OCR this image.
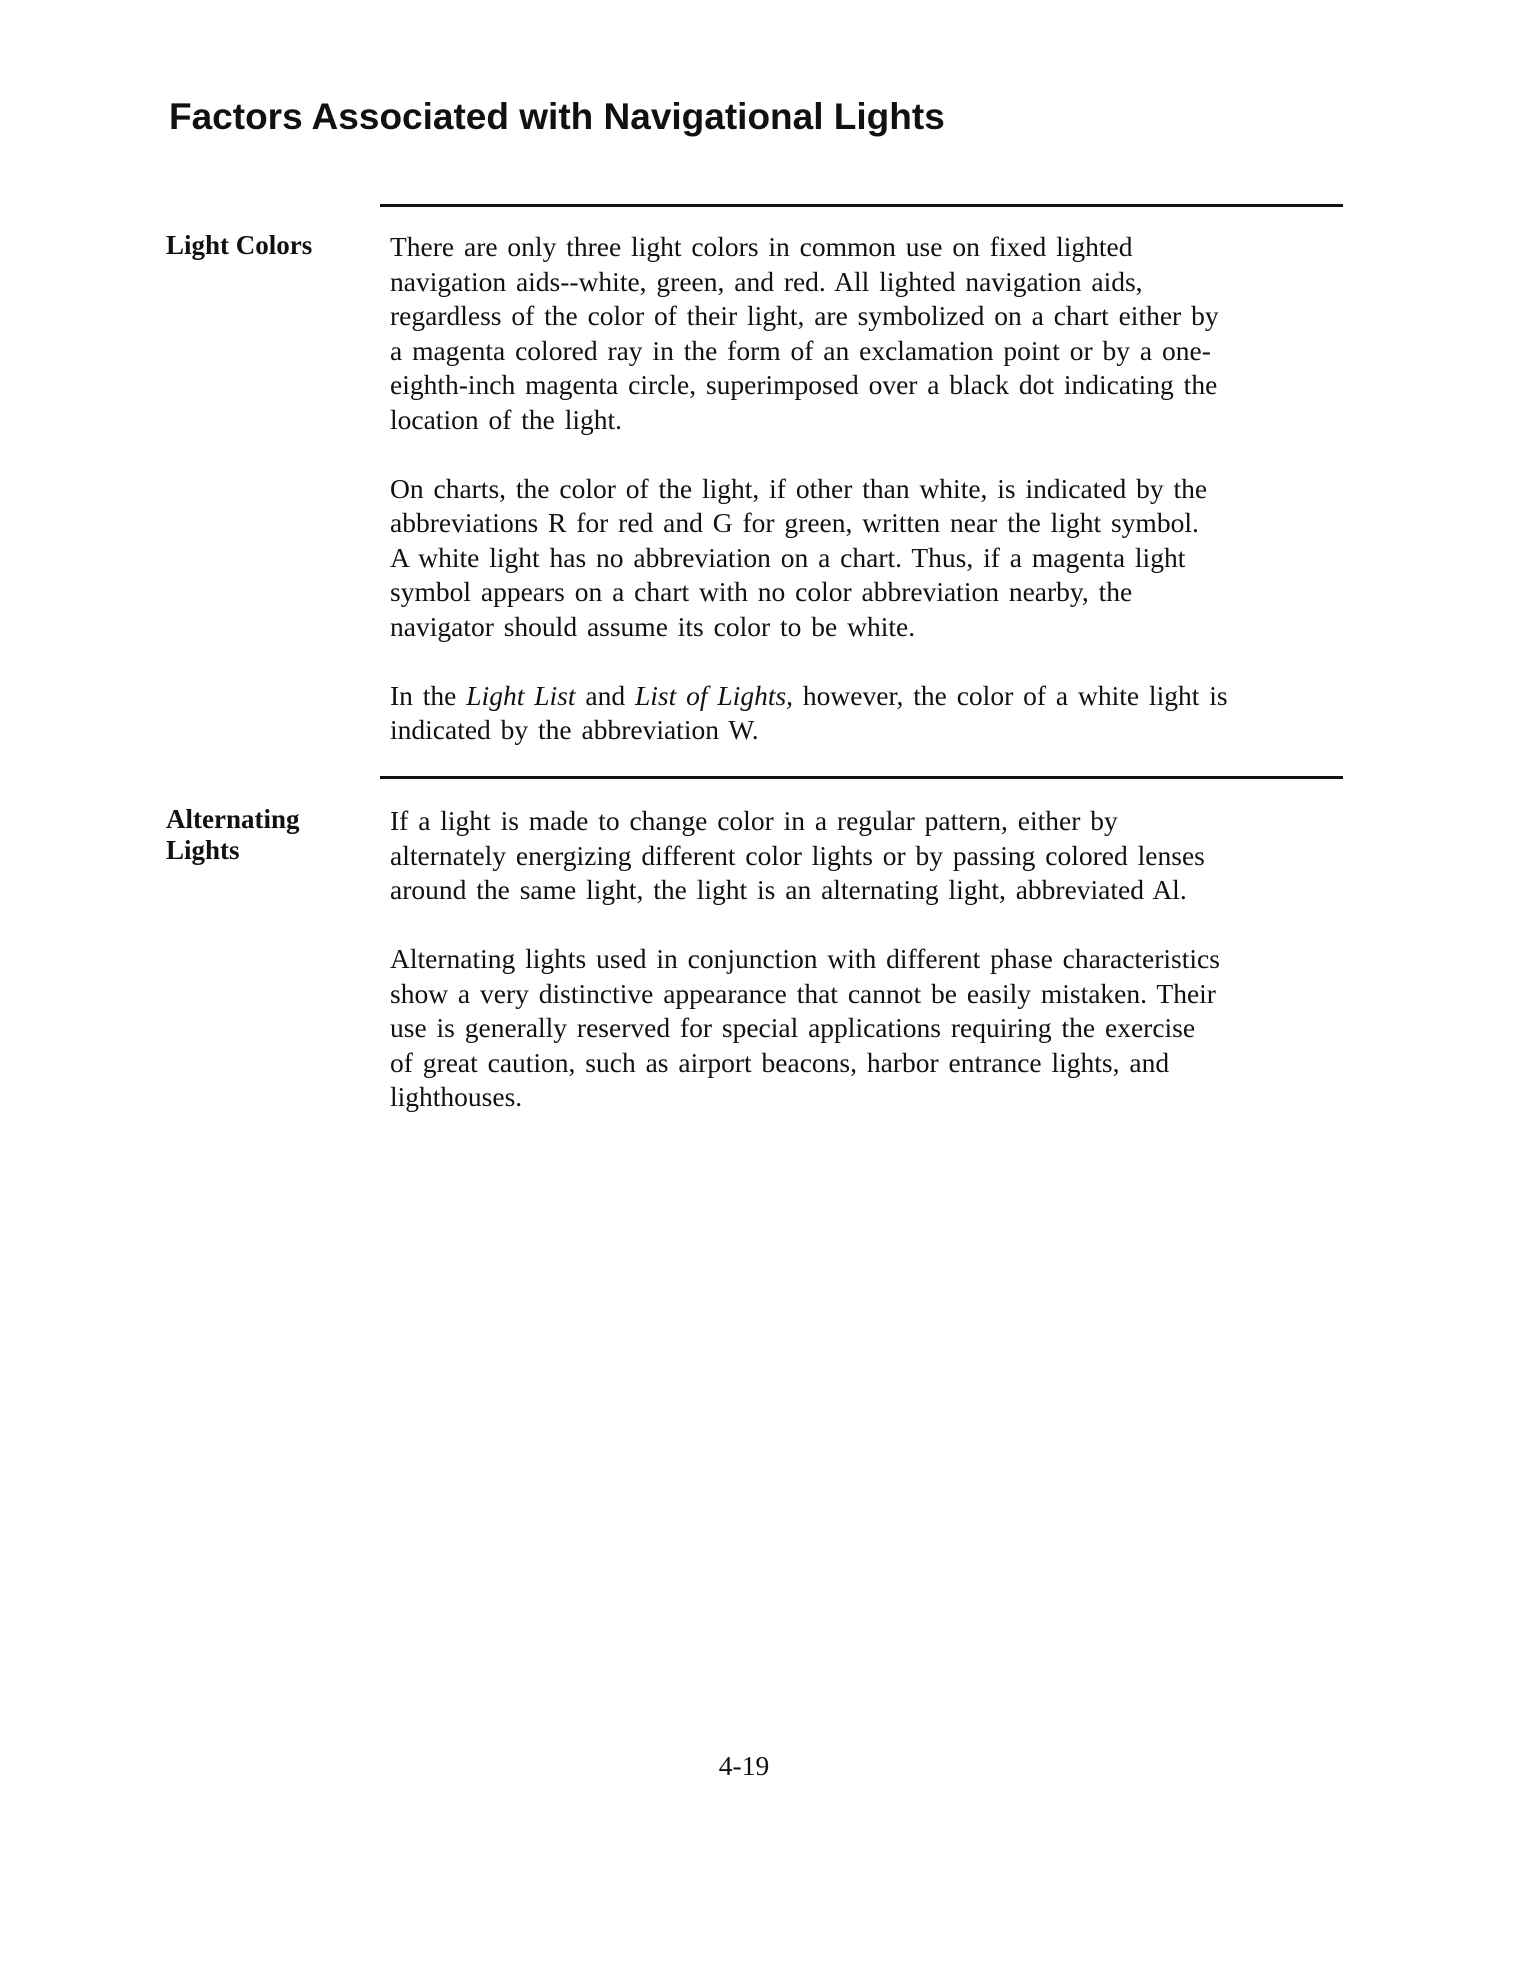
Factors Associated with Navigational Lights
Light Colors	There are only three light colors in common use on fixed lighted
navigation aids--white, green, and red. All lighted navigation aids,
regardless of the color of their light, are symbolized on a chart either by
a magenta colored ray in the form of an exclamation point or by a one-
eighth-inch magenta circle, superimposed over a black dot indicating the
location of the light.
On charts, the color of the light, if other than white, is indicated by the
abbreviations R for red and G for green, written near the light symbol.
A white light has no abbreviation on a chart. Thus, if a magenta light
symbol appears on a chart with no color abbreviation nearby, the
navigator should assume its color to be white.
In the Light List and List of Lights, however, the color of a white light is
indicated by the abbreviation W.
Alternating
Lights
If a light is made to change color in a regular pattern, either by
alternately energizing different color lights or by passing colored lenses
around the same light, the light is an alternating light, abbreviated Al.
Alternating lights used in conjunction with different phase characteristics
show a very distinctive appearance that cannot be easily mistaken. Their
use is generally reserved for special applications requiring the exercise
of great caution, such as airport beacons, harbor entrance lights, and
lighthouses.
4-19
